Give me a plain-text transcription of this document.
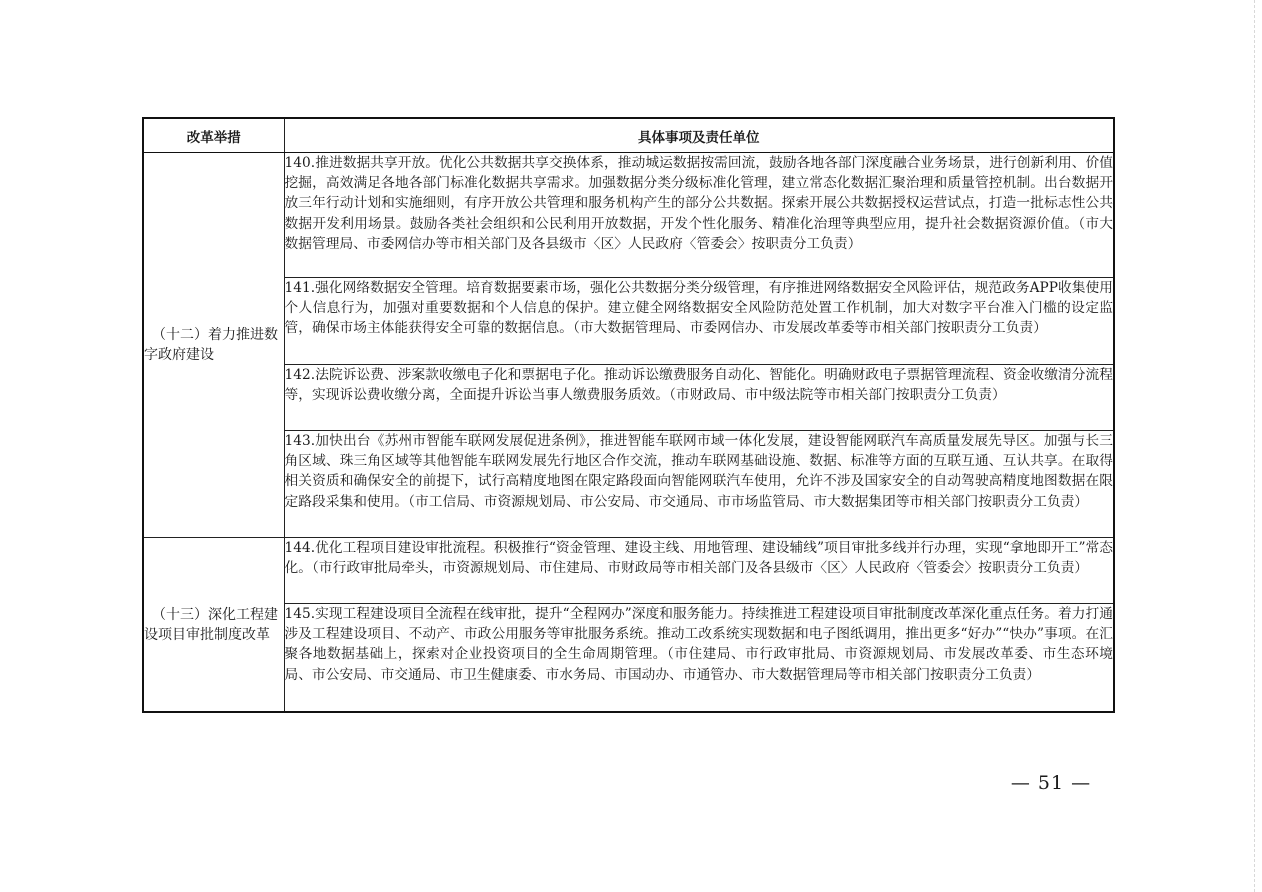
改革举措	具体事项及责任单位

（十二）着力推进数
字政府建设	140.推进数据共享开放。优化公共数据共享交换体系，推动城运数据按需回流，鼓励各地各部门深度融合业务场景，进行创新利用、价值挖掘，高效满足各地各部门标准化数据共享需求。加强数据分类分级标准化管理，建立常态化数据汇聚治理和质量管控机制。出台数据开放三年行动计划和实施细则，有序开放公共管理和服务机构产生的部分公共数据。探索开展公共数据授权运营试点，打造一批标志性公共数据开发利用场景。鼓励各类社会组织和公民利用开放数据，开发个性化服务、精准化治理等典型应用，提升社会数据资源价值。（市大数据管理局、市委网信办等市相关部门及各县级市〈区〉人民政府〈管委会〉按职责分工负责）
	141.强化网络数据安全管理。培育数据要素市场，强化公共数据分类分级管理，有序推进网络数据安全风险评估，规范政务APP收集使用个人信息行为，加强对重要数据和个人信息的保护。建立健全网络数据安全风险防范处置工作机制，加大对数字平台准入门槛的设定监管，确保市场主体能获得安全可靠的数据信息。（市大数据管理局、市委网信办、市发展改革委等市相关部门按职责分工负责）
	142.法院诉讼费、涉案款收缴电子化和票据电子化。推动诉讼缴费服务自动化、智能化。明确财政电子票据管理流程、资金收缴清分流程等，实现诉讼费收缴分离，全面提升诉讼当事人缴费服务质效。（市财政局、市中级法院等市相关部门按职责分工负责）
	143.加快出台《苏州市智能车联网发展促进条例》，推进智能车联网市域一体化发展，建设智能网联汽车高质量发展先导区。加强与长三角区域、珠三角区域等其他智能车联网发展先行地区合作交流，推动车联网基础设施、数据、标准等方面的互联互通、互认共享。在取得相关资质和确保安全的前提下，试行高精度地图在限定路段面向智能网联汽车使用，允许不涉及国家安全的自动驾驶高精度地图数据在限定路段采集和使用。（市工信局、市资源规划局、市公安局、市交通局、市市场监管局、市大数据集团等市相关部门按职责分工负责）

（十三）深化工程建
设项目审批制度改革	144.优化工程项目建设审批流程。积极推行“资金管理、建设主线、用地管理、建设辅线”项目审批多线并行办理，实现“拿地即开工”常态化。（市行政审批局牵头，市资源规划局、市住建局、市财政局等市相关部门及各县级市〈区〉人民政府〈管委会〉按职责分工负责）
	145.实现工程建设项目全流程在线审批，提升“全程网办”深度和服务能力。持续推进工程建设项目审批制度改革深化重点任务。着力打通涉及工程建设项目、不动产、市政公用服务等审批服务系统。推动工改系统实现数据和电子图纸调用，推出更多“好办”“快办”事项。在汇聚各地数据基础上，探索对企业投资项目的全生命周期管理。（市住建局、市行政审批局、市资源规划局、市发展改革委、市生态环境局、市公安局、市交通局、市卫生健康委、市水务局、市国动办、市通管办、市大数据管理局等市相关部门按职责分工负责）
— 51 —
